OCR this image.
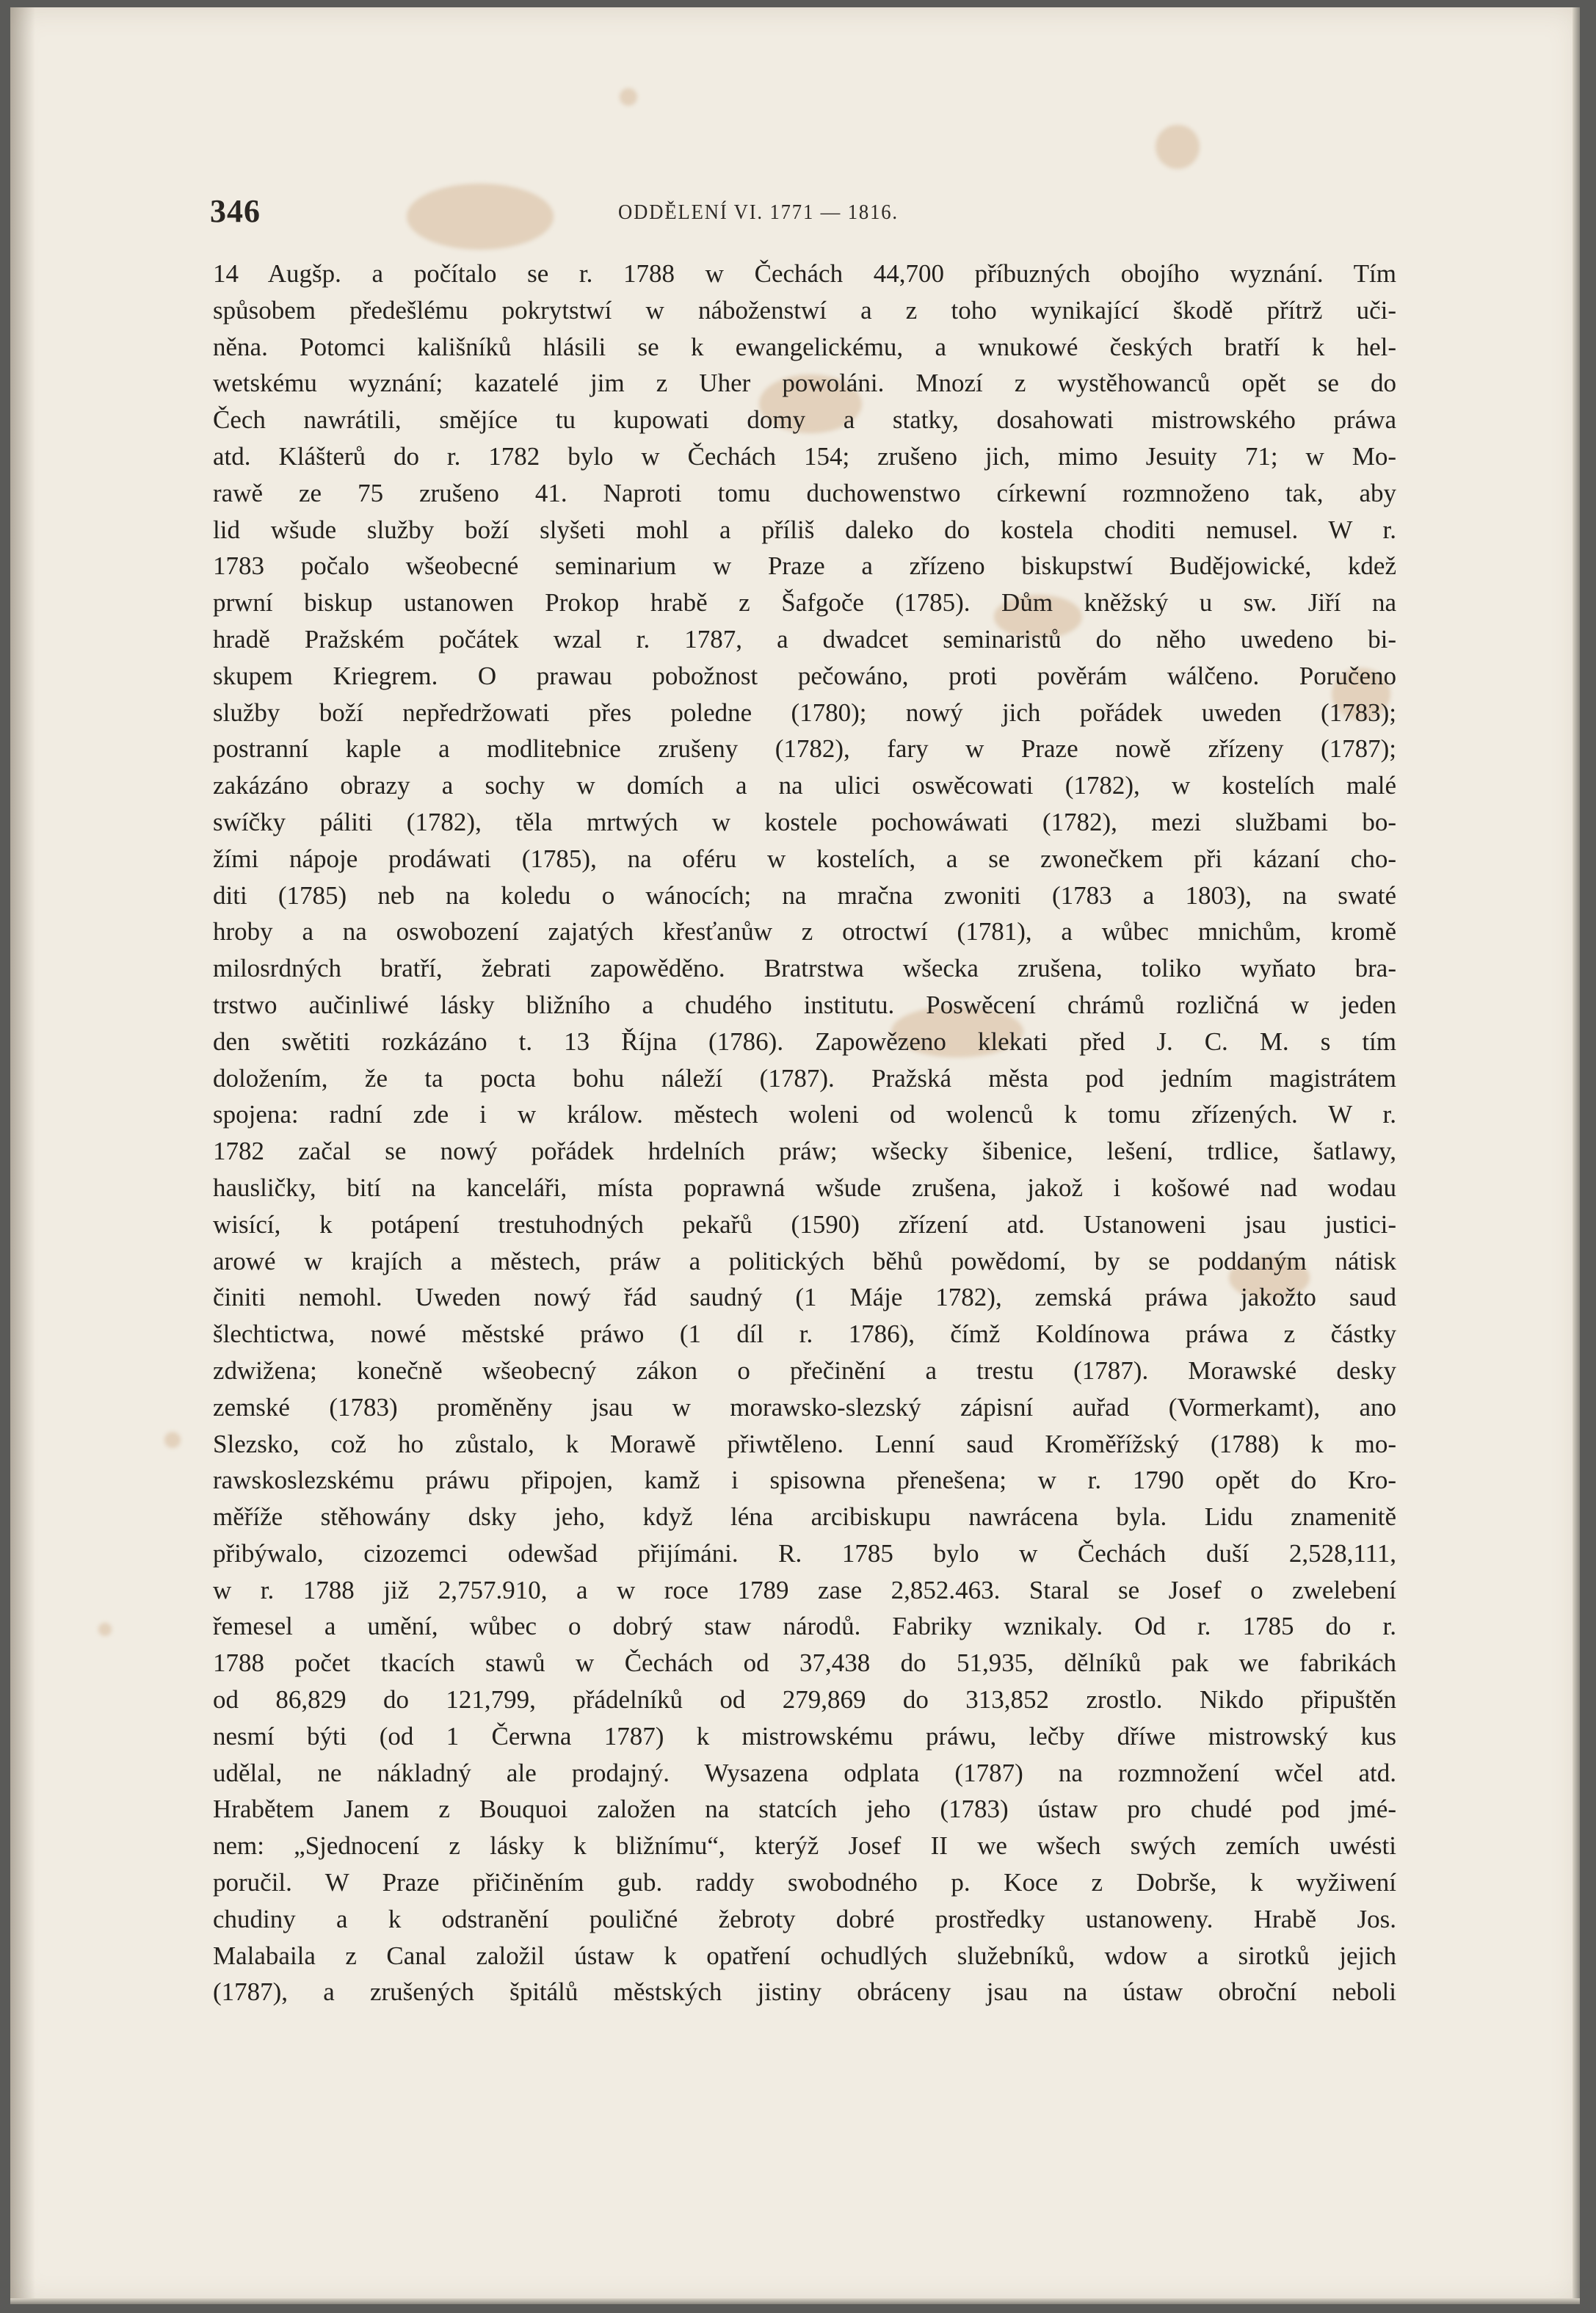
346	ODDĚLENÍ VI. 1771 — 1816.
14 Augšp. a počítalo se r. 1788 w Čechách 44,700 příbuzných obojího wyznání. Tím
spůsobem předešlému pokrytstwí w náboženstwí a z toho wynikající škodě přítrž uči-
něna. Potomci kališníků hlásili se k ewangelickému, a wnukowé českých bratří k hel-
wetskému wyznání; kazatelé jim z Uher powoláni. Mnozí z wystěhowanců opět se do
Čech nawrátili, smějíce tu kupowati domy a statky, dosahowati mistrowského práwa
atd. Klášterů do r. 1782 bylo w Čechách 154; zrušeno jich, mimo Jesuity 71; w Mo-
rawě ze 75 zrušeno 41. Naproti tomu duchowenstwo církewní rozmnoženo tak, aby
lid wšude služby boží slyšeti mohl a příliš daleko do kostela choditi nemusel. W r.
1783 počalo wšeobecné seminarium w Praze a zřízeno biskupstwí Budějowické, kdež
prwní biskup ustanowen Prokop hrabě z Šafgoče (1785). Dům kněžský u sw. Jiří na
hradě Pražském počátek wzal r. 1787, a dwadcet seminaristů do něho uwedeno bi-
skupem Kriegrem. O prawau pobožnost pečowáno, proti pověrám wálčeno. Poručeno
služby boží nepředržowati přes poledne (1780); nowý jich pořádek uweden (1783);
postranní kaple a modlitebnice zrušeny (1782), fary w Praze nowě zřízeny (1787);
zakázáno obrazy a sochy w domích a na ulici oswěcowati (1782), w kostelích malé
swíčky páliti (1782), těla mrtwých w kostele pochowáwati (1782), mezi službami bo-
žími nápoje prodáwati (1785), na oféru w kostelích, a se zwonečkem při kázaní cho-
diti (1785) neb na koledu o wánocích; na mračna zwoniti (1783 a 1803), na swaté
hroby a na oswobození zajatých křesťanůw z otroctwí (1781), a wůbec mnichům, kromě
milosrdných bratří, žebrati zapowěděno. Bratrstwa wšecka zrušena, toliko wyňato bra-
trstwo aučinliwé lásky bližního a chudého institutu. Poswěcení chrámů rozličná w jeden
den swětiti rozkázáno t. 13 Října (1786). Zapowězeno klekati před J. C. M. s tím
doložením, že ta pocta bohu náleží (1787). Pražská města pod jedním magistrátem
spojena: radní zde i w králow. městech woleni od wolenců k tomu zřízených. W r.
1782 začal se nowý pořádek hrdelních práw; wšecky šibenice, lešení, trdlice, šatlawy,
hausličky, bití na kanceláři, místa poprawná wšude zrušena, jakož i košowé nad wodau
wisící, k potápení trestuhodných pekařů (1590) zřízení atd. Ustanoweni jsau justici-
arowé w krajích a městech, práw a politických běhů powědomí, by se poddaným nátisk
činiti nemohl. Uweden nowý řád saudný (1 Máje 1782), zemská práwa jakožto saud
šlechtictwa, nowé městské práwo (1 díl r. 1786), čímž Koldínowa práwa z částky
zdwižena; konečně wšeobecný zákon o přečinění a trestu (1787). Morawské desky
zemské (1783) proměněny jsau w morawsko-slezský zápisní auřad (Vormerkamt), ano
Slezsko, což ho zůstalo, k Morawě přiwtěleno. Lenní saud Kroměřížský (1788) k mo-
rawskoslezskému práwu připojen, kamž i spisowna přenešena; w r. 1790 opět do Kro-
měříže stěhowány dsky jeho, když léna arcibiskupu nawrácena byla. Lidu znamenitě
přibýwalo, cizozemci odewšad přijímáni. R. 1785 bylo w Čechách duší 2,528,111,
w r. 1788 již 2,757.910, a w roce 1789 zase 2,852.463. Staral se Josef o zwelebení
řemesel a umění, wůbec o dobrý staw národů. Fabriky wznikaly. Od r. 1785 do r.
1788 počet tkacích stawů w Čechách od 37,438 do 51,935, dělníků pak we fabrikách
od 86,829 do 121,799, přádelníků od 279,869 do 313,852 zrostlo. Nikdo připuštěn
nesmí býti (od 1 Čerwna 1787) k mistrowskému práwu, lečby dříwe mistrowský kus
udělal, ne nákladný ale prodajný. Wysazena odplata (1787) na rozmnožení wčel atd.
Hrabětem Janem z Bouquoi založen na statcích jeho (1783) ústaw pro chudé pod jmé-
nem: „Sjednocení z lásky k bližnímu“, kterýž Josef II we wšech swých zemích uwésti
poručil. W Praze přičiněním gub. raddy swobodného p. Koce z Dobrše, k wyžiwení
chudiny a k odstranění pouličné žebroty dobré prostředky ustanoweny. Hrabě Jos.
Malabaila z Canal založil ústaw k opatření ochudlých služebníků, wdow a sirotků jejich
(1787), a zrušených špitálů městských jistiny obráceny jsau na ústaw obroční neboli
